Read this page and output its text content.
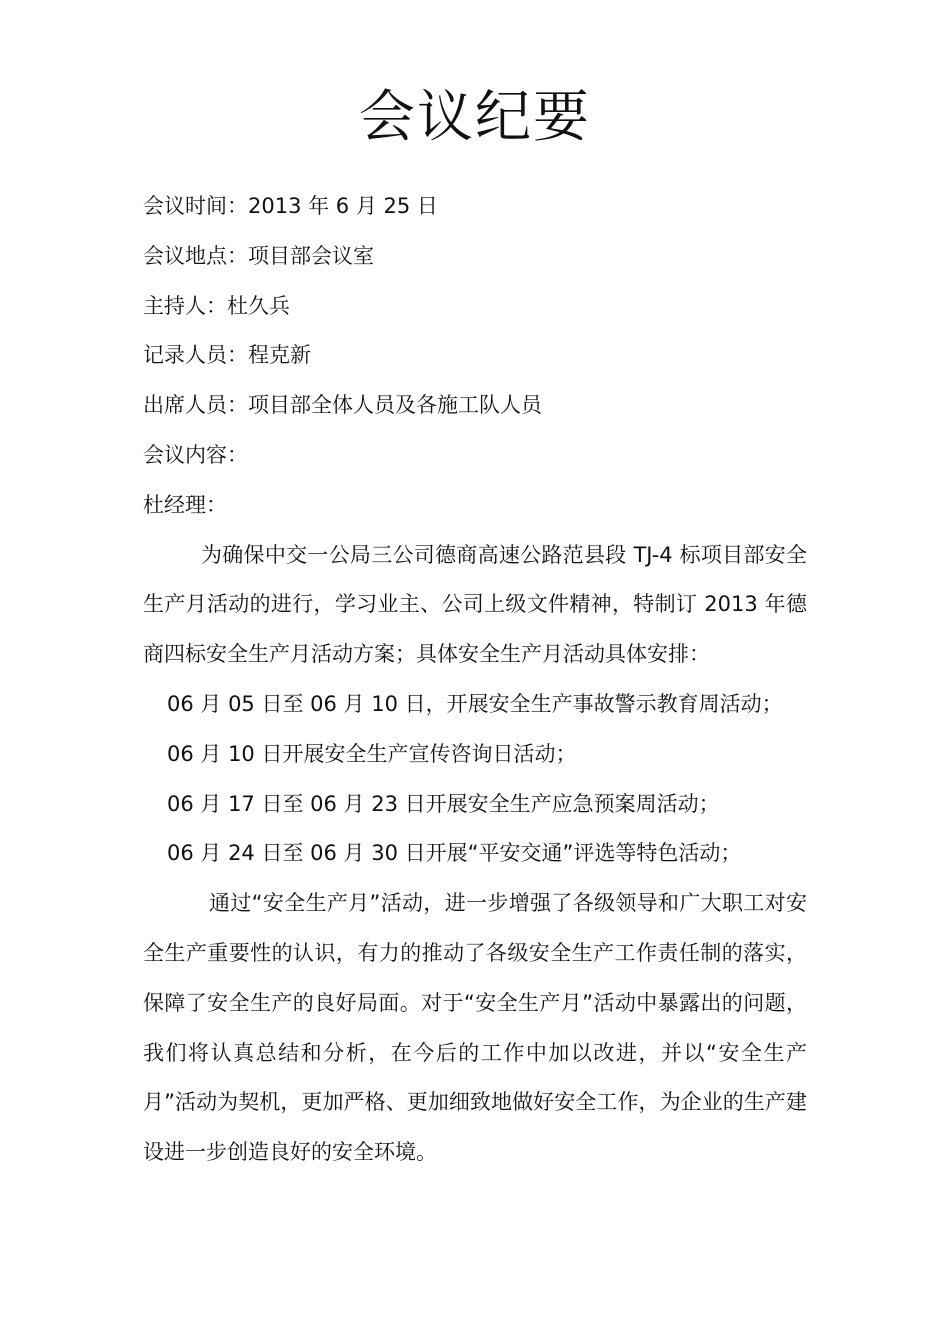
会议纪要
会议时间：2013 年 6 月 25 日
会议地点：项目部会议室
主持人：杜久兵
记录人员：程克新
出席人员：项目部全体人员及各施工队人员
会议内容：
杜经理：
为确保中交一公局三公司德商高速公路范县段 TJ-4 标项目部安全生产月活动的进行，学习业主、公司上级文件精神，特制订 2013 年德商四标安全生产月活动方案；具体安全生产月活动具体安排：
06 月 05 日至 06 月 10 日，开展安全生产事故警示教育周活动；
06 月 10 日开展安全生产宣传咨询日活动；
06 月 17 日至 06 月 23 日开展安全生产应急预案周活动；
06 月 24 日至 06 月 30 日开展“平安交通”评选等特色活动；
通过“安全生产月”活动，进一步增强了各级领导和广大职工对安全生产重要性的认识，有力的推动了各级安全生产工作责任制的落实，保障了安全生产的良好局面。对于“安全生产月”活动中暴露出的问题，我们将认真总结和分析，在今后的工作中加以改进，并以“安全生产月”活动为契机，更加严格、更加细致地做好安全工作，为企业的生产建设进一步创造良好的安全环境。
